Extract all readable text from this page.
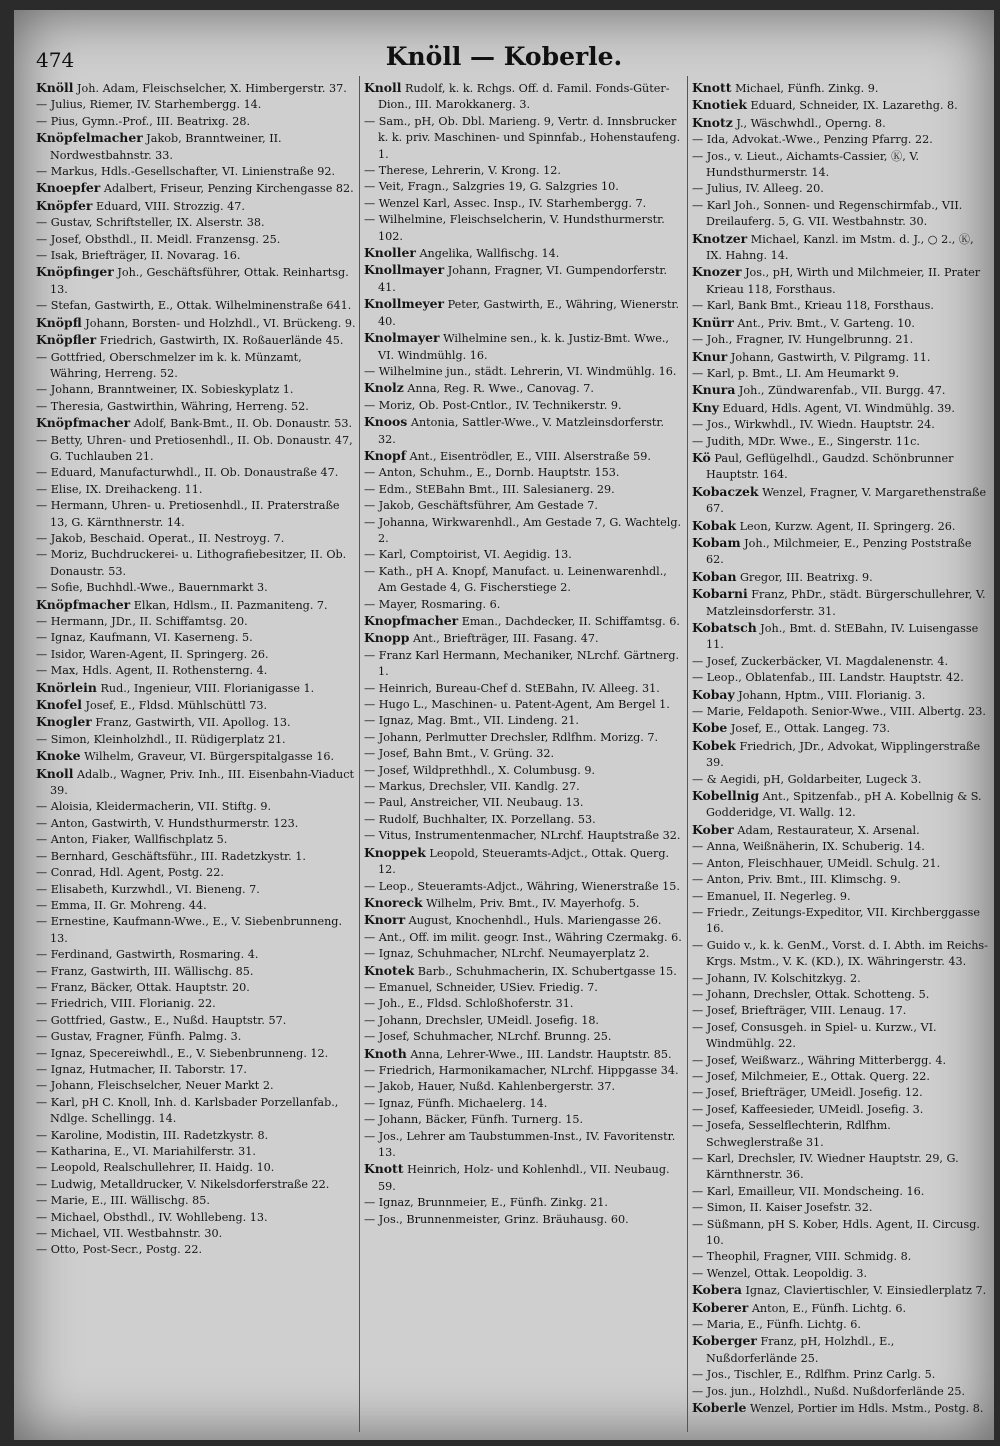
474	Knöll — Koberle.

Knöll Joh. Adam, Fleischselcher, X. Himbergerstr. 37.

— Julius, Riemer, IV. Starhembergg. 14.

— Pius, Gymn.-Prof., III. Beatrixg. 28.

Knöpfelmacher Jakob, Branntweiner, II. Nordwestbahnstr. 33.

— Markus, Hdls.-Gesellschafter, VI. Linienstraße 92.

Knoepfer Adalbert, Friseur, Penzing Kirchengasse 82.

Knöpfer Eduard, VIII. Strozzig. 47.

— Gustav, Schriftsteller, IX. Alserstr. 38.

— Josef, Obsthdl., II. Meidl. Franzensg. 25.

— Isak, Briefträger, II. Novarag. 16.

Knöpfinger Joh., Geschäftsführer, Ottak. Reinhartsg. 13.

— Stefan, Gastwirth, E., Ottak. Wilhelminenstraße 641.

Knöpfl Johann, Borsten- und Holzhdl., VI. Brückeng. 9.

Knöpfler Friedrich, Gastwirth, IX. Roßauerlände 45.

— Gottfried, Oberschmelzer im k. k. Münzamt, Währing, Herreng. 52.

— Johann, Branntweiner, IX. Sobieskyplatz 1.

— Theresia, Gastwirthin, Währing, Herreng. 52.

Knöpfmacher Adolf, Bank-Bmt., II. Ob. Donaustr. 53.

— Betty, Uhren- und Pretiosenhdl., II. Ob. Donaustr. 47, G. Tuchlauben 21.

— Eduard, Manufacturwhdl., II. Ob. Donaustraße 47.

— Elise, IX. Dreihackeng. 11.

— Hermann, Uhren- u. Pretiosenhdl., II. Praterstraße 13, G. Kärnthnerstr. 14.

— Jakob, Beschaid. Operat., II. Nestroyg. 7.

— Moriz, Buchdruckerei- u. Lithografiebesitzer, II. Ob. Donaustr. 53.

— Sofie, Buchhdl.-Wwe., Bauernmarkt 3.

Knöpfmacher Elkan, Hdlsm., II. Pazmaniteng. 7.

— Hermann, JDr., II. Schiffamtsg. 20.

— Ignaz, Kaufmann, VI. Kaserneng. 5.

— Isidor, Waren-Agent, II. Springerg. 26.

— Max, Hdls. Agent, II. Rothensterng. 4.

Knörlein Rud., Ingenieur, VIII. Florianigasse 1.

Knofel Josef, E., Fldsd. Mühlschüttl 73.

Knogler Franz, Gastwirth, VII. Apollog. 13.

— Simon, Kleinholzhdl., II. Rüdigerplatz 21.

Knoke Wilhelm, Graveur, VI. Bürgerspitalgasse 16.

Knoll Adalb., Wagner, Priv. Inh., III. Eisenbahn-Viaduct 39.

— Aloisia, Kleidermacherin, VII. Stiftg. 9.

— Anton, Gastwirth, V. Hundsthurmerstr. 123.

— Anton, Fiaker, Wallfischplatz 5.

— Bernhard, Geschäftsführ., III. Radetzkystr. 1.

— Conrad, Hdl. Agent, Postg. 22.

— Elisabeth, Kurzwhdl., VI. Bieneng. 7.

— Emma, II. Gr. Mohreng. 44.

— Ernestine, Kaufmann-Wwe., E., V. Siebenbrunneng. 13.

— Ferdinand, Gastwirth, Rosmaring. 4.

— Franz, Gastwirth, III. Wällischg. 85.

— Franz, Bäcker, Ottak. Hauptstr. 20.

— Friedrich, VIII. Florianig. 22.

— Gottfried, Gastw., E., Nußd. Hauptstr. 57.

— Gustav, Fragner, Fünfh. Palmg. 3.

— Ignaz, Specereiwhdl., E., V. Siebenbrunneng. 12.

— Ignaz, Hutmacher, II. Taborstr. 17.

— Johann, Fleischselcher, Neuer Markt 2.

— Karl, pH C. Knoll, Inh. d. Karlsbader Porzellanfab., Ndlge. Schellingg. 14.

— Karoline, Modistin, III. Radetzkystr. 8.

— Katharina, E., VI. Mariahilferstr. 31.

— Leopold, Realschullehrer, II. Haidg. 10.

— Ludwig, Metalldrucker, V. Nikelsdorferstraße 22.

— Marie, E., III. Wällischg. 85.

— Michael, Obsthdl., IV. Wohllebeng. 13.

— Michael, VII. Westbahnstr. 30.

— Otto, Post-Secr., Postg. 22.

Knoll Rudolf, k. k. Rchgs. Off. d. Famil. Fonds-Güter-Dion., III. Marokkanerg. 3.

— Sam., pH, Ob. Dbl. Marieng. 9, Vertr. d. Innsbrucker k. k. priv. Maschinen- und Spinnfab., Hohenstaufeng. 1.

— Therese, Lehrerin, V. Krong. 12.

— Veit, Fragn., Salzgries 19, G. Salzgries 10.

— Wenzel Karl, Assec. Insp., IV. Starhembergg. 7.

— Wilhelmine, Fleischselcherin, V. Hundsthurmerstr. 102.

Knoller Angelika, Wallfischg. 14.

Knollmayer Johann, Fragner, VI. Gumpendorferstr. 41.

Knollmeyer Peter, Gastwirth, E., Währing, Wienerstr. 40.

Knolmayer Wilhelmine sen., k. k. Justiz-Bmt. Wwe., VI. Windmühlg. 16.

— Wilhelmine jun., städt. Lehrerin, VI. Windmühlg. 16.

Knolz Anna, Reg. R. Wwe., Canovag. 7.

— Moriz, Ob. Post-Cntlor., IV. Technikerstr. 9.

Knoos Antonia, Sattler-Wwe., V. Matzleinsdorferstr. 32.

Knopf Ant., Eisentrödler, E., VIII. Alserstraße 59.

— Anton, Schuhm., E., Dornb. Hauptstr. 153.

— Edm., StEBahn Bmt., III. Salesianerg. 29.

— Jakob, Geschäftsführer, Am Gestade 7.

— Johanna, Wirkwarenhdl., Am Gestade 7, G. Wachtelg. 2.

— Karl, Comptoirist, VI. Aegidig. 13.

— Kath., pH A. Knopf, Manufact. u. Leinenwarenhdl., Am Gestade 4, G. Fischerstiege 2.

— Mayer, Rosmaring. 6.

Knopfmacher Eman., Dachdecker, II. Schiffamtsg. 6.

Knopp Ant., Briefträger, III. Fasang. 47.

— Franz Karl Hermann, Mechaniker, NLrchf. Gärtnerg. 1.

— Heinrich, Bureau-Chef d. StEBahn, IV. Alleeg. 31.

— Hugo L., Maschinen- u. Patent-Agent, Am Bergel 1.

— Ignaz, Mag. Bmt., VII. Lindeng. 21.

— Johann, Perlmutter Drechsler, Rdlfhm. Morizg. 7.

— Josef, Bahn Bmt., V. Grüng. 32.

— Josef, Wildprethhdl., X. Columbusg. 9.

— Markus, Drechsler, VII. Kandlg. 27.

— Paul, Anstreicher, VII. Neubaug. 13.

— Rudolf, Buchhalter, IX. Porzellang. 53.

— Vitus, Instrumentenmacher, NLrchf. Hauptstraße 32.

Knoppek Leopold, Steueramts-Adjct., Ottak. Querg. 12.

— Leop., Steueramts-Adjct., Währing, Wienerstraße 15.

Knoreck Wilhelm, Priv. Bmt., IV. Mayerhofg. 5.

Knorr August, Knochenhdl., Huls. Mariengasse 26.

— Ant., Off. im milit. geogr. Inst., Währing Czermakg. 6.

— Ignaz, Schuhmacher, NLrchf. Neumayerplatz 2.

Knotek Barb., Schuhmacherin, IX. Schubertgasse 15.

— Emanuel, Schneider, USiev. Friedig. 7.

— Joh., E., Fldsd. Schloßhoferstr. 31.

— Johann, Drechsler, UMeidl. Josefig. 18.

— Josef, Schuhmacher, NLrchf. Brunng. 25.

Knoth Anna, Lehrer-Wwe., III. Landstr. Hauptstr. 85.

— Friedrich, Harmonikamacher, NLrchf. Hippgasse 34.

— Jakob, Hauer, Nußd. Kahlenbergerstr. 37.

— Ignaz, Fünfh. Michaelerg. 14.

— Johann, Bäcker, Fünfh. Turnerg. 15.

— Jos., Lehrer am Taubstummen-Inst., IV. Favoritenstr. 13.

Knott Heinrich, Holz- und Kohlenhdl., VII. Neubaug. 59.

— Ignaz, Brunnmeier, E., Fünfh. Zinkg. 21.

— Jos., Brunnenmeister, Grinz. Bräuhausg. 60.

Knott Michael, Fünfh. Zinkg. 9.

Knotiek Eduard, Schneider, IX. Lazarethg. 8.

Knotz J., Wäschwhdl., Operng. 8.

— Ida, Advokat.-Wwe., Penzing Pfarrg. 22.

— Jos., v. Lieut., Aichamts-Cassier, Ⓚ, V. Hundsthurmerstr. 14.

— Julius, IV. Alleeg. 20.

— Karl Joh., Sonnen- und Regenschirmfab., VII. Dreilauferg. 5, G. VII. Westbahnstr. 30.

Knotzer Michael, Kanzl. im Mstm. d. J., ○ 2., Ⓚ, IX. Hahng. 14.

Knozer Jos., pH, Wirth und Milchmeier, II. Prater Krieau 118, Forsthaus.

— Karl, Bank Bmt., Krieau 118, Forsthaus.

Knürr Ant., Priv. Bmt., V. Garteng. 10.

— Joh., Fragner, IV. Hungelbrunng. 21.

Knur Johann, Gastwirth, V. Pilgramg. 11.

— Karl, p. Bmt., LI. Am Heumarkt 9.

Knura Joh., Zündwarenfab., VII. Burgg. 47.

Kny Eduard, Hdls. Agent, VI. Windmühlg. 39.

— Jos., Wirkwhdl., IV. Wiedn. Hauptstr. 24.

— Judith, MDr. Wwe., E., Singerstr. 11c.

Kö Paul, Geflügelhdl., Gaudzd. Schönbrunner Hauptstr. 164.

Kobaczek Wenzel, Fragner, V. Margarethenstraße 67.

Kobak Leon, Kurzw. Agent, II. Springerg. 26.

Kobam Joh., Milchmeier, E., Penzing Poststraße 62.

Koban Gregor, III. Beatrixg. 9.

Kobarni Franz, PhDr., städt. Bürgerschullehrer, V. Matzleinsdorferstr. 31.

Kobatsch Joh., Bmt. d. StEBahn, IV. Luisengasse 11.

— Josef, Zuckerbäcker, VI. Magdalenenstr. 4.

— Leop., Oblatenfab., III. Landstr. Hauptstr. 42.

Kobay Johann, Hptm., VIII. Florianig. 3.

— Marie, Feldapoth. Senior-Wwe., VIII. Albertg. 23.

Kobe Josef, E., Ottak. Langeg. 73.

Kobek Friedrich, JDr., Advokat, Wipplingerstraße 39.

— & Aegidi, pH, Goldarbeiter, Lugeck 3.

Kobellnig Ant., Spitzenfab., pH A. Kobellnig & S. Godderidge, VI. Wallg. 12.

Kober Adam, Restaurateur, X. Arsenal.

— Anna, Weißnäherin, IX. Schuberig. 14.

— Anton, Fleischhauer, UMeidl. Schulg. 21.

— Anton, Priv. Bmt., III. Klimschg. 9.

— Emanuel, II. Negerleg. 9.

— Friedr., Zeitungs-Expeditor, VII. Kirchberggasse 16.

— Guido v., k. k. GenM., Vorst. d. I. Abth. im Reichs-Krgs. Mstm., V. K. (KD.), IX. Währingerstr. 43.

— Johann, IV. Kolschitzkyg. 2.

— Johann, Drechsler, Ottak. Schotteng. 5.

— Josef, Briefträger, VIII. Lenaug. 17.

— Josef, Consusgeh. in Spiel- u. Kurzw., VI. Windmühlg. 22.

— Josef, Weißwarz., Währing Mitterbergg. 4.

— Josef, Milchmeier, E., Ottak. Querg. 22.

— Josef, Briefträger, UMeidl. Josefig. 12.

— Josef, Kaffeesieder, UMeidl. Josefig. 3.

— Josefa, Sesselflechterin, Rdlfhm. Schweglerstraße 31.

— Karl, Drechsler, IV. Wiedner Hauptstr. 29, G. Kärnthnerstr. 36.

— Karl, Emailleur, VII. Mondscheing. 16.

— Simon, II. Kaiser Josefstr. 32.

— Süßmann, pH S. Kober, Hdls. Agent, II. Circusg. 10.

— Theophil, Fragner, VIII. Schmidg. 8.

— Wenzel, Ottak. Leopoldig. 3.

Kobera Ignaz, Claviertischler, V. Einsiedlerplatz 7.

Koberer Anton, E., Fünfh. Lichtg. 6.

— Maria, E., Fünfh. Lichtg. 6.

Koberger Franz, pH, Holzhdl., E., Nußdorferlände 25.

— Jos., Tischler, E., Rdlfhm. Prinz Carlg. 5.

— Jos. jun., Holzhdl., Nußd. Nußdorferlände 25.

Koberle Wenzel, Portier im Hdls. Mstm., Postg. 8.
